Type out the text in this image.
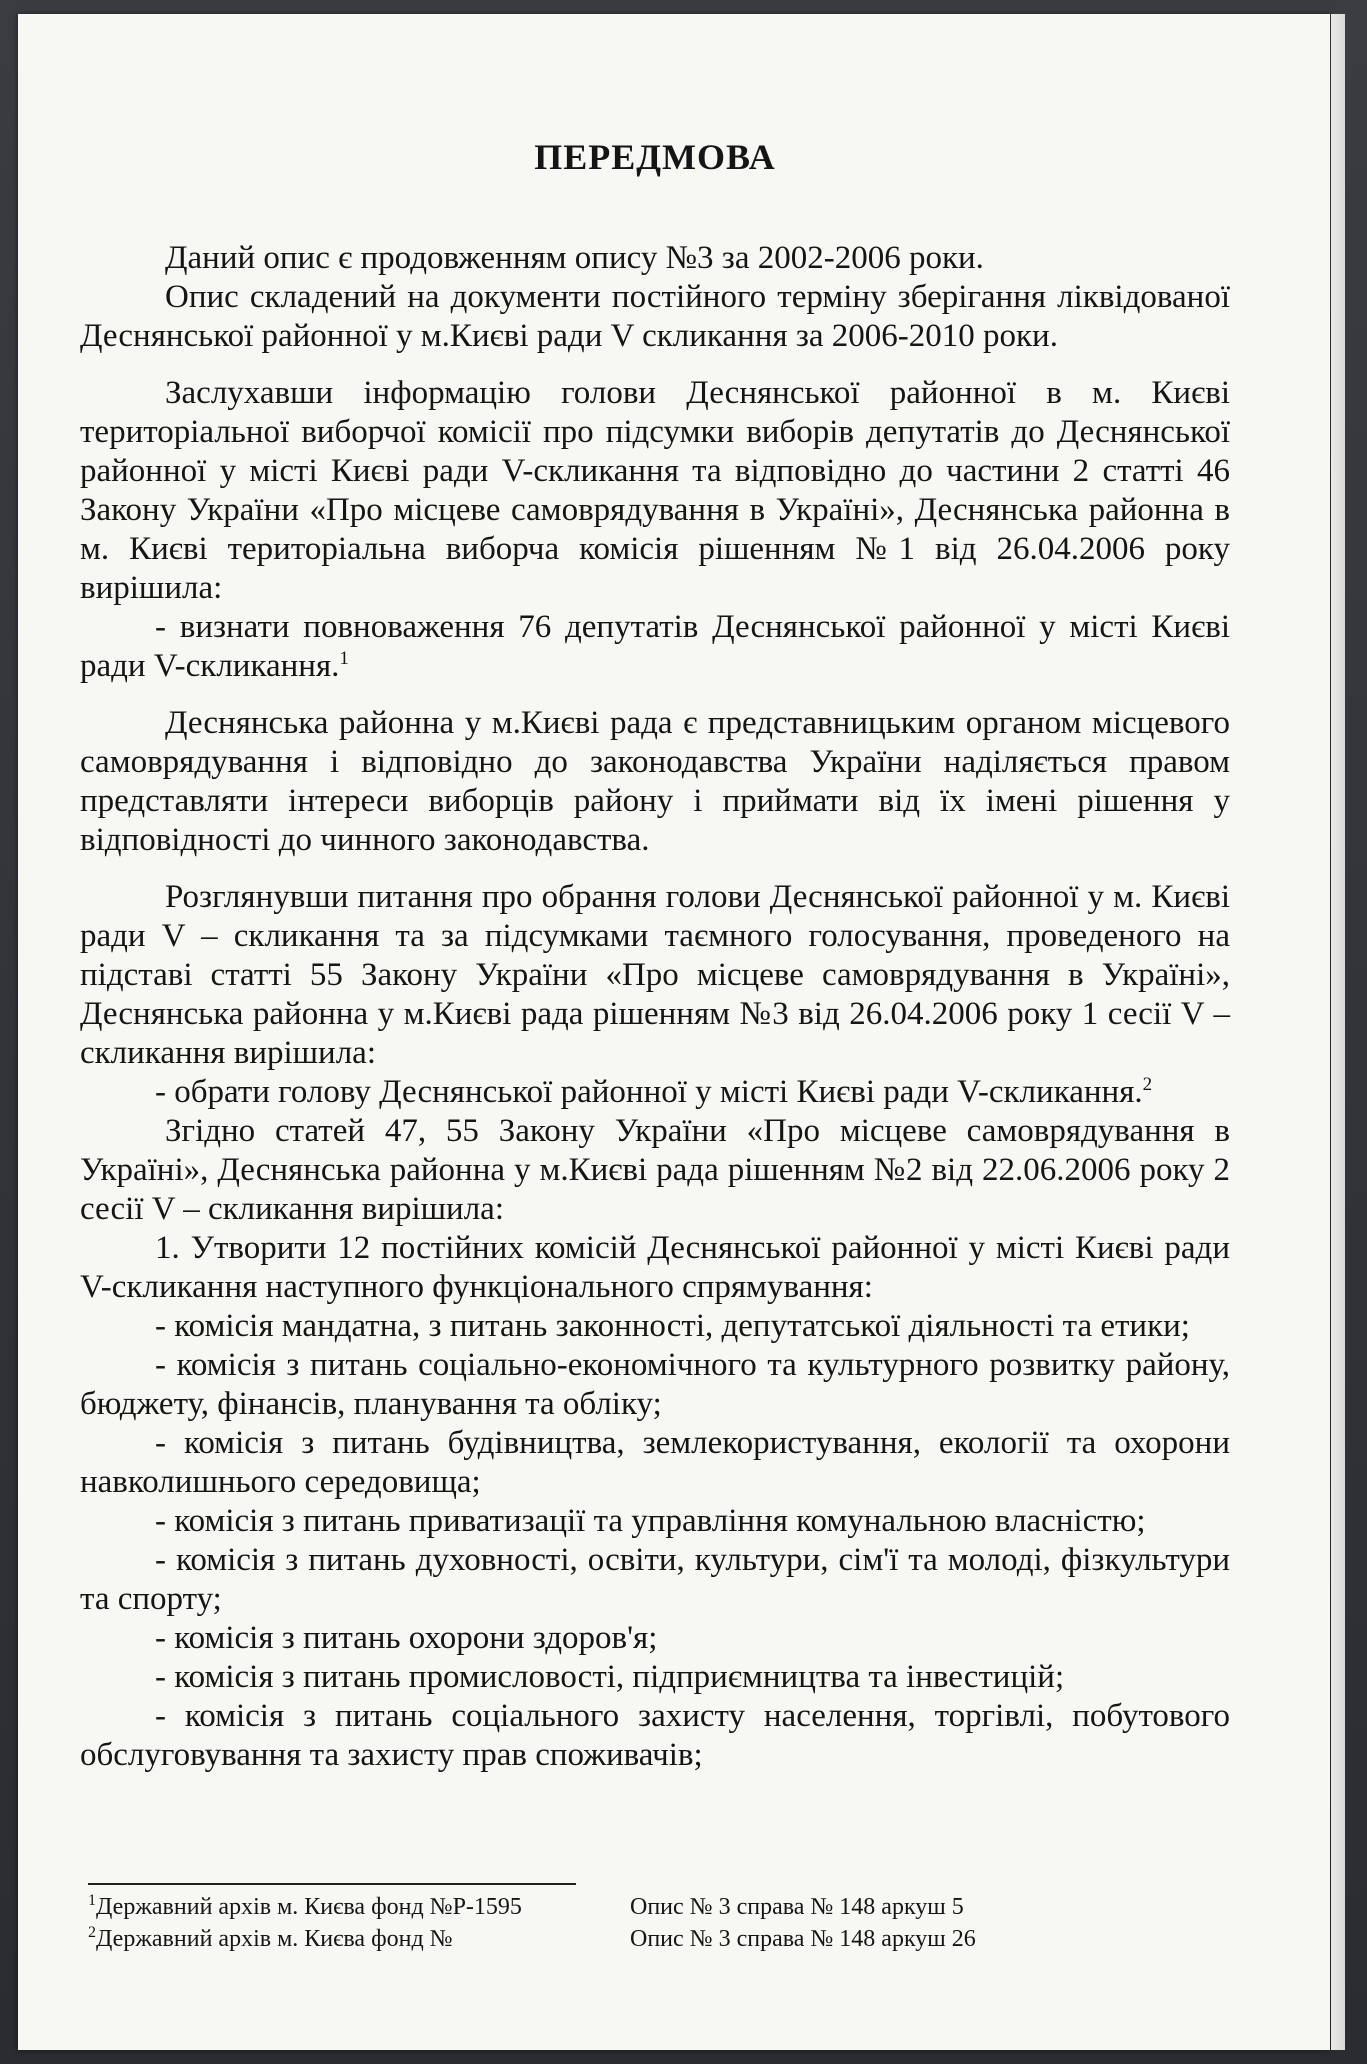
ПЕРЕДМОВА

Даний опис є продовженням опису №3 за 2002-2006 роки.

Опис складений на документи постійного терміну зберігання ліквідованої Деснянської районної у м.Києві ради V скликання за 2006-2010 роки.

Заслухавши інформацію голови Деснянської районної в м. Києві територіальної виборчої комісії про підсумки виборів депутатів до Деснянської районної у місті Києві ради V-скликання та відповідно до частини 2 статті 46 Закону України «Про місцеве самоврядування в Україні», Деснянська районна в м. Києві територіальна виборча комісія рішенням №1 від 26.04.2006 року вирішила:

- визнати повноваження 76 депутатів Деснянської районної у місті Києві ради V-скликання.$^1$

Деснянська районна у м.Києві рада є представницьким органом місцевого самоврядування і відповідно до законодавства України наділяється правом представляти інтереси виборців району і приймати від їх імені рішення у відповідності до чинного законодавства.

Розглянувши питання про обрання голови Деснянської районної у м. Києві ради V – скликання та за підсумками таємного голосування, проведеного на підставі статті 55 Закону України «Про місцеве самоврядування в Україні», Деснянська районна у м.Києві рада рішенням №3 від 26.04.2006 року 1 сесії V – скликання вирішила:

- обрати голову Деснянської районної у місті Києві ради V-скликання.$^2$

Згідно статей 47, 55 Закону України «Про місцеве самоврядування в Україні», Деснянська районна у м.Києві рада рішенням №2 від 22.06.2006 року 2 сесії V – скликання вирішила:

1. Утворити 12 постійних комісій Деснянської районної у місті Києві ради V-скликання наступного функціонального спрямування:

- комісія мандатна, з питань законності, депутатської діяльності та етики;

- комісія з питань соціально-економічного та культурного розвитку району, бюджету, фінансів, планування та обліку;

- комісія з питань будівництва, землекористування, екології та охорони навколишнього середовища;

- комісія з питань приватизації та управління комунальною власністю;

- комісія з питань духовності, освіти, культури, сім'ї та молоді, фізкультури та спорту;

- комісія з питань охорони здоров'я;

- комісія з питань промисловості, підприємництва та інвестицій;

- комісія з питань соціального захисту населення, торгівлі, побутового обслуговування та захисту прав споживачів;

$^1$Державний архів м. Києва фонд №Р-1595	Опис № 3 справа № 148 аркуш 5
$^2$Державний архів м. Києва фонд №	Опис № 3 справа № 148 аркуш 26
